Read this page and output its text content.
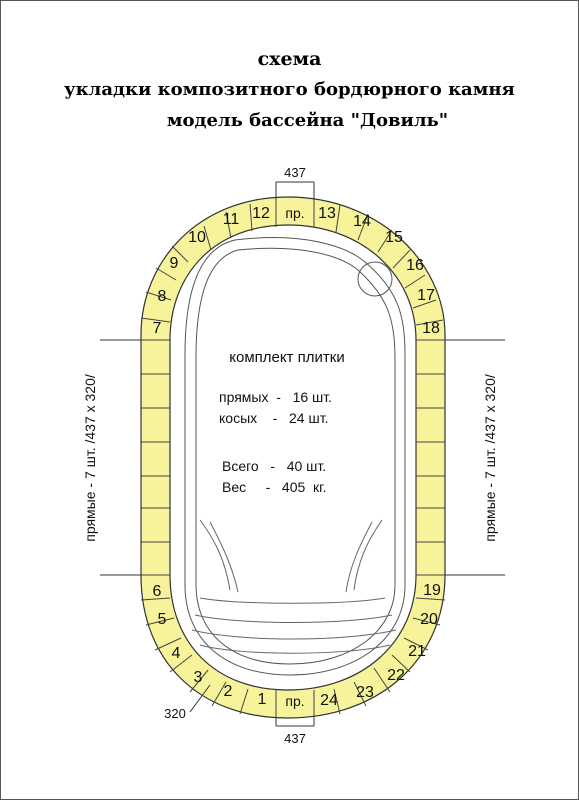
схема
укладки композитного бордюрного камня
модель бассейна "Довиль"
1
2
3
4
5
6
7
8
9
10
11 12	13 14
15
16
17
18
19
20
21
22
23
24
пр.
пр.
437
437
320
прямые - 7 шт. /437 x 320/	прямые - 7 шт. /437 x 320/
комплект плитки
прямых  -   16 шт.
косых    -   24 шт.
Всего   -   40 шт.
Вес     -   405  кг.
